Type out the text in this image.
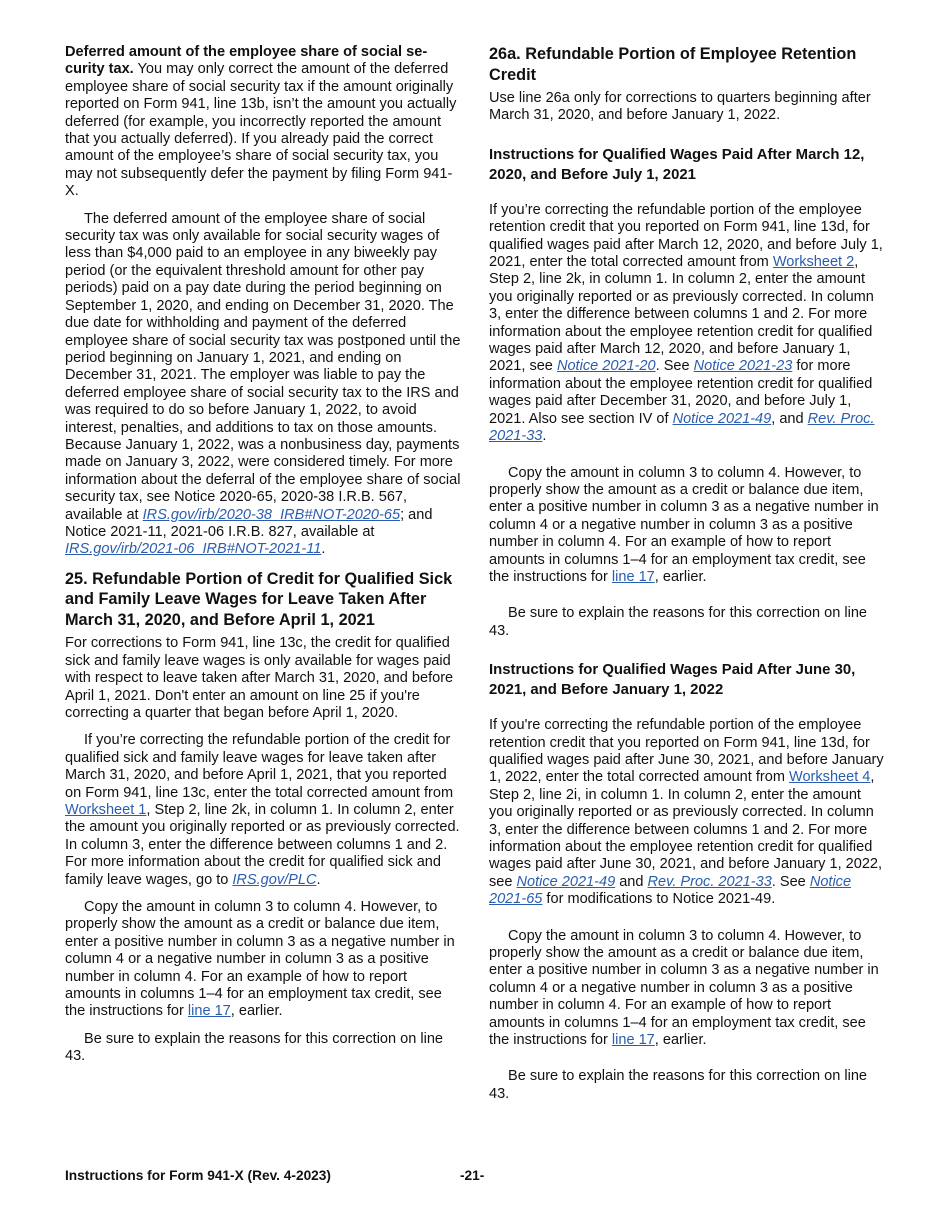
Deferred amount of the employee share of social se-curity tax. You may only correct the amount of the deferred employee share of social security tax if the amount originally reported on Form 941, line 13b, isn’t the amount you actually deferred (for example, you incorrectly reported the amount that you actually deferred). If you already paid the correct amount of the employee’s share of social security tax, you may not subsequently defer the payment by filing Form 941-X.

The deferred amount of the employee share of social security tax was only available for social security wages of less than $4,000 paid to an employee in any biweekly pay period (or the equivalent threshold amount for other pay periods) paid on a pay date during the period beginning on September 1, 2020, and ending on December 31, 2020. The due date for withholding and payment of the deferred employee share of social security tax was postponed until the period beginning on January 1, 2021, and ending on December 31, 2021. The employer was liable to pay the deferred employee share of social security tax to the IRS and was required to do so before January 1, 2022, to avoid interest, penalties, and additions to tax on those amounts. Because January 1, 2022, was a nonbusiness day, payments made on January 3, 2022, were considered timely. For more information about the deferral of the employee share of social security tax, see Notice 2020-65, 2020-38 I.R.B. 567, available at IRS.gov/irb/2020-38_IRB#NOT-2020-65; and Notice 2021-11, 2021-06 I.R.B. 827, available at IRS.gov/irb/2021-06_IRB#NOT-2021-11.

25. Refundable Portion of Credit for Qualified Sick and Family Leave Wages for Leave Taken After March 31, 2020, and Before April 1, 2021

For corrections to Form 941, line 13c, the credit for qualified sick and family leave wages is only available for wages paid with respect to leave taken after March 31, 2020, and before April 1, 2021. Don't enter an amount on line 25 if you're correcting a quarter that began before April 1, 2020.

If you’re correcting the refundable portion of the credit for qualified sick and family leave wages for leave taken after March 31, 2020, and before April 1, 2021, that you reported on Form 941, line 13c, enter the total corrected amount from Worksheet 1, Step 2, line 2k, in column 1. In column 2, enter the amount you originally reported or as previously corrected. In column 3, enter the difference between columns 1 and 2. For more information about the credit for qualified sick and family leave wages, go to IRS.gov/PLC.

Copy the amount in column 3 to column 4. However, to properly show the amount as a credit or balance due item, enter a positive number in column 3 as a negative number in column 4 or a negative number in column 3 as a positive number in column 4. For an example of how to report amounts in columns 1–4 for an employment tax credit, see the instructions for line 17, earlier.

Be sure to explain the reasons for this correction on line 43.

26a. Refundable Portion of Employee Retention Credit

Use line 26a only for corrections to quarters beginning after March 31, 2020, and before January 1, 2022.

Instructions for Qualified Wages Paid After March 12, 2020, and Before July 1, 2021

If you’re correcting the refundable portion of the employee retention credit that you reported on Form 941, line 13d, for qualified wages paid after March 12, 2020, and before July 1, 2021, enter the total corrected amount from Worksheet 2, Step 2, line 2k, in column 1. In column 2, enter the amount you originally reported or as previously corrected. In column 3, enter the difference between columns 1 and 2. For more information about the employee retention credit for qualified wages paid after March 12, 2020, and before January 1, 2021, see Notice 2021-20. See Notice 2021-23 for more information about the employee retention credit for qualified wages paid after December 31, 2020, and before July 1, 2021. Also see section IV of Notice 2021-49, and Rev. Proc. 2021-33.

Copy the amount in column 3 to column 4. However, to properly show the amount as a credit or balance due item, enter a positive number in column 3 as a negative number in column 4 or a negative number in column 3 as a positive number in column 4. For an example of how to report amounts in columns 1–4 for an employment tax credit, see the instructions for line 17, earlier.

Be sure to explain the reasons for this correction on line 43.

Instructions for Qualified Wages Paid After June 30, 2021, and Before January 1, 2022

If you're correcting the refundable portion of the employee retention credit that you reported on Form 941, line 13d, for qualified wages paid after June 30, 2021, and before January 1, 2022, enter the total corrected amount from Worksheet 4, Step 2, line 2i, in column 1. In column 2, enter the amount you originally reported or as previously corrected. In column 3, enter the difference between columns 1 and 2. For more information about the employee retention credit for qualified wages paid after June 30, 2021, and before January 1, 2022, see Notice 2021-49 and Rev. Proc. 2021-33. See Notice 2021-65 for modifications to Notice 2021-49.

Copy the amount in column 3 to column 4. However, to properly show the amount as a credit or balance due item, enter a positive number in column 3 as a negative number in column 4 or a negative number in column 3 as a positive number in column 4. For an example of how to report amounts in columns 1–4 for an employment tax credit, see the instructions for line 17, earlier.

Be sure to explain the reasons for this correction on line 43.

Instructions for Form 941-X (Rev. 4-2023)	-21-
